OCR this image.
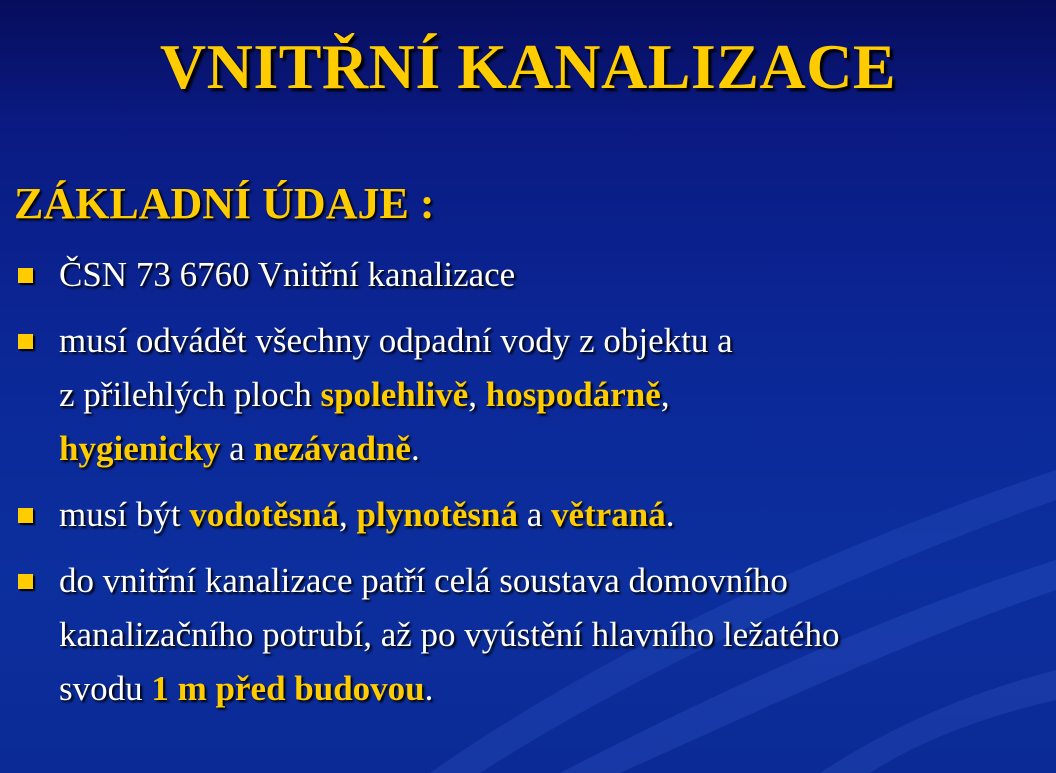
VNITŘNÍ KANALIZACE
ZÁKLADNÍ ÚDAJE :
ČSN 73 6760 Vnitřní kanalizace
musí odvádět všechny odpadní vody z objektu a
z přilehlých ploch spolehlivě, hospodárně,
hygienicky a nezávadně.
musí být vodotěsná, plynotěsná a větraná.
do vnitřní kanalizace patří celá soustava domovního
kanalizačního potrubí, až po vyústění hlavního ležatého
svodu 1 m před budovou.
